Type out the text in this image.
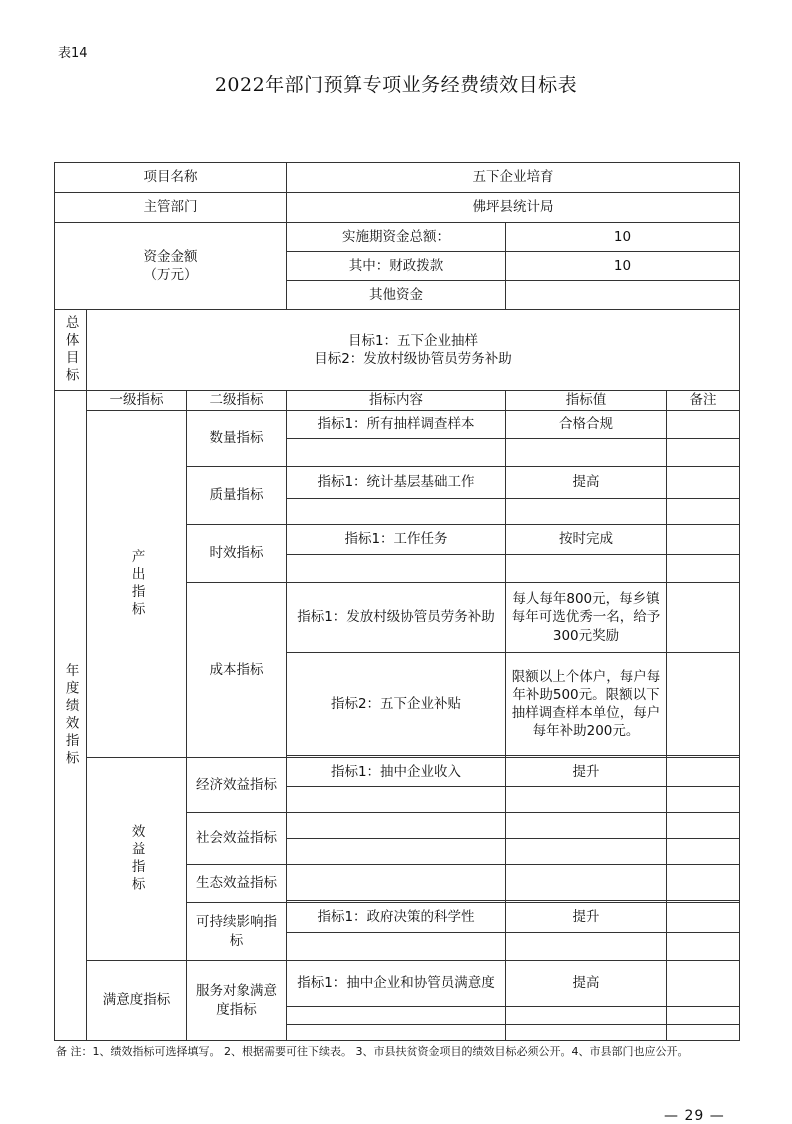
表14
2022年部门预算专项业务经费绩效目标表
项目名称			五下企业培育		
主管部门			佛坪县统计局		

资金金额
（万元）			实施期资金总额：	10	
			其中：财政拨款	10	
			其他资金		
总体目标	目标1：五下企业抽样
目标2：发放村级协管员劳务补助				

年度绩效指标	一级指标	二级指标	指标内容	指标值	备注
	产出指标	数量指标	指标1：所有抽样调查样本	合格合规	

		质量指标	指标1：统计基层基础工作	提高	

		时效指标	指标1：工作任务	按时完成	

		成本指标	指标1：发放村级协管员劳务补助	每人每年800元，每乡镇每年可选优秀一名，给予300元奖励	
			指标2：五下企业补贴	限额以上个体户，每户每年补助500元。限额以下抽样调查样本单位，每户每年补助200元。	

	效益指标	经济效益指标	指标1：抽中企业收入	提升	

		社会效益指标			

		生态效益指标			

		可持续影响指标	指标1：政府决策的科学性	提升	

	满意度指标	服务对象满意度指标	指标1：抽中企业和协管员满意度	提高	

备 注：1、绩效指标可选择填写。 2、根据需要可往下续表。 3、市县扶贫资金项目的绩效目标必须公开。4、市县部门也应公开。
— 29 —
